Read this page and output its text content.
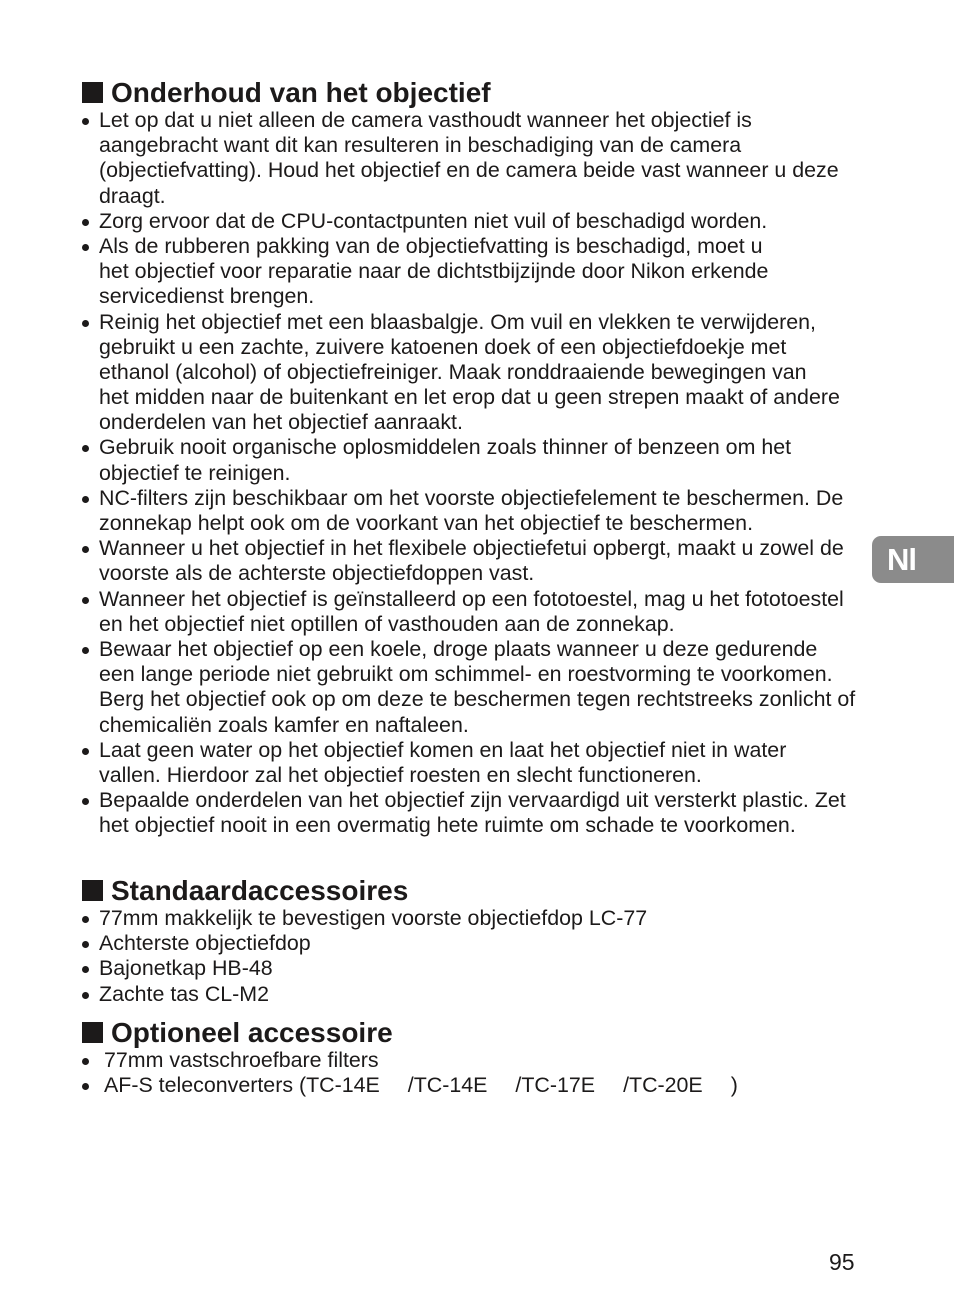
Onderhoud van het objectief
Let op dat u niet alleen de camera vasthoudt wanneer het objectief is
aangebracht want dit kan resulteren in beschadiging van de camera
(objectiefvatting). Houd het objectief en de camera beide vast wanneer u deze
draagt.
Zorg ervoor dat de CPU-contactpunten niet vuil of beschadigd worden.
Als de rubberen pakking van de objectiefvatting is beschadigd, moet u
het objectief voor reparatie naar de dichtstbijzijnde door Nikon erkende
servicedienst brengen.
Reinig het objectief met een blaasbalgje. Om vuil en vlekken te verwijderen,
gebruikt u een zachte, zuivere katoenen doek of een objectiefdoekje met
ethanol (alcohol) of objectiefreiniger. Maak ronddraaiende bewegingen van
het midden naar de buitenkant en let erop dat u geen strepen maakt of andere
onderdelen van het objectief aanraakt.
Gebruik nooit organische oplosmiddelen zoals thinner of benzeen om het
objectief te reinigen.
NC-filters zijn beschikbaar om het voorste objectiefelement te beschermen. De
zonnekap helpt ook om de voorkant van het objectief te beschermen.
Wanneer u het objectief in het flexibele objectiefetui opbergt, maakt u zowel de
voorste als de achterste objectiefdoppen vast.
Wanneer het objectief is geïnstalleerd op een fototoestel, mag u het fototoestel
en het objectief niet optillen of vasthouden aan de zonnekap.
Bewaar het objectief op een koele, droge plaats wanneer u deze gedurende
een lange periode niet gebruikt om schimmel- en roestvorming te voorkomen.
Berg het objectief ook op om deze te beschermen tegen rechtstreeks zonlicht of
chemicaliën zoals kamfer en naftaleen.
Laat geen water op het objectief komen en laat het objectief niet in water
vallen. Hierdoor zal het objectief roesten en slecht functioneren.
Bepaalde onderdelen van het objectief zijn vervaardigd uit versterkt plastic. Zet
het objectief nooit in een overmatig hete ruimte om schade te voorkomen.
Standaardaccessoires
77mm makkelijk te bevestigen voorste objectiefdop LC-77
Achterste objectiefdop
Bajonetkap HB-48
Zachte tas CL-M2
Optioneel accessoire
77mm vastschroefbare filters
AF-S teleconverters (TC-14E /TC-14E /TC-17E /TC-20E )
Nl
95
